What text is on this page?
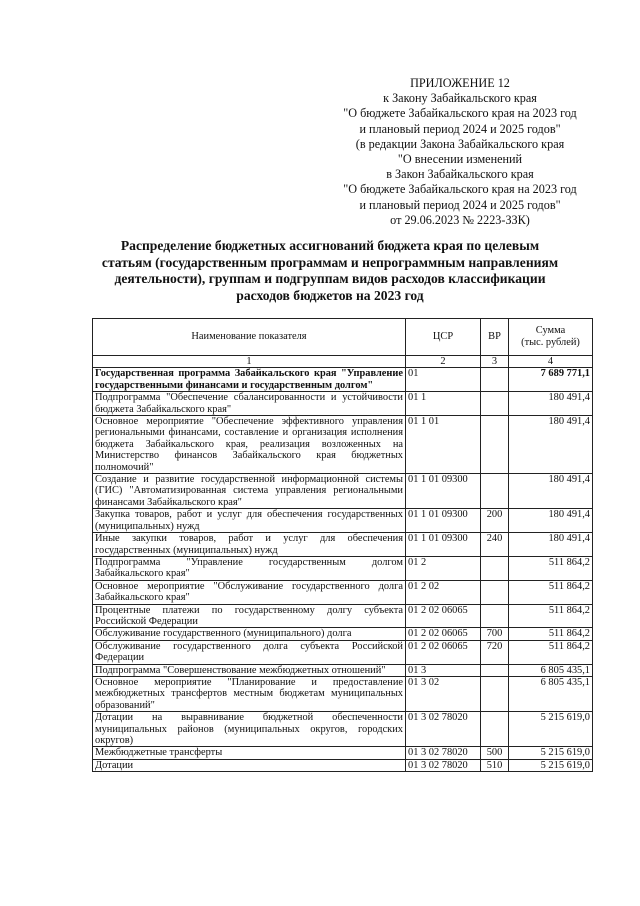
ПРИЛОЖЕНИЕ 12
к Закону Забайкальского края
"О бюджете Забайкальского края на 2023 год
и плановый период 2024 и 2025 годов"
(в редакции Закона Забайкальского края
"О внесении изменений
в Закон Забайкальского края
"О бюджете Забайкальского края на 2023 год
и плановый период 2024 и 2025 годов"
от 29.06.2023 № 2223-ЗЗК)
Распределение бюджетных ассигнований бюджета края по целевым
статьям (государственным программам и непрограммным направлениям
деятельности), группам и подгруппам видов расходов классификации
расходов бюджетов на 2023 год
Наименование показателя	ЦСР	ВР	Сумма
(тыс. рублей)

1	2	3	4
Государственная программа Забайкальского края "Управление государственными финансами и государственным долгом"	01		7 689 771,1
Подпрограмма "Обеспечение сбалансированности и устойчивости бюджета Забайкальского края"	01 1		180 491,4
Основное мероприятие "Обеспечение эффективного управления региональными финансами, составление и организация исполнения бюджета Забайкальского края, реализация возложенных на Министерство финансов Забайкальского края бюджетных полномочий"	01 1 01		180 491,4
Создание и развитие государственной информационной системы (ГИС) "Автоматизированная система управления региональными финансами Забайкальского края"	01 1 01 09300		180 491,4
Закупка товаров, работ и услуг для обеспечения государственных (муниципальных) нужд	01 1 01 09300	200	180 491,4
Иные закупки товаров, работ и услуг для обеспечения государственных (муниципальных) нужд	01 1 01 09300	240	180 491,4
Подпрограмма "Управление государственным долгом Забайкальского края"	01 2		511 864,2
Основное мероприятие "Обслуживание государственного долга Забайкальского края"	01 2 02		511 864,2
Процентные платежи по государственному долгу субъекта Российской Федерации	01 2 02 06065		511 864,2
Обслуживание государственного (муниципального) долга	01 2 02 06065	700	511 864,2
Обслуживание государственного долга субъекта Российской Федерации	01 2 02 06065	720	511 864,2
Подпрограмма "Совершенствование межбюджетных отношений"	01 3		6 805 435,1
Основное мероприятие "Планирование и предоставление межбюджетных трансфертов местным бюджетам муниципальных образований"	01 3 02		6 805 435,1
Дотации на выравнивание бюджетной обеспеченности муниципальных районов (муниципальных округов, городских округов)	01 3 02 78020		5 215 619,0
Межбюджетные трансферты	01 3 02 78020	500	5 215 619,0
Дотации	01 3 02 78020	510	5 215 619,0
